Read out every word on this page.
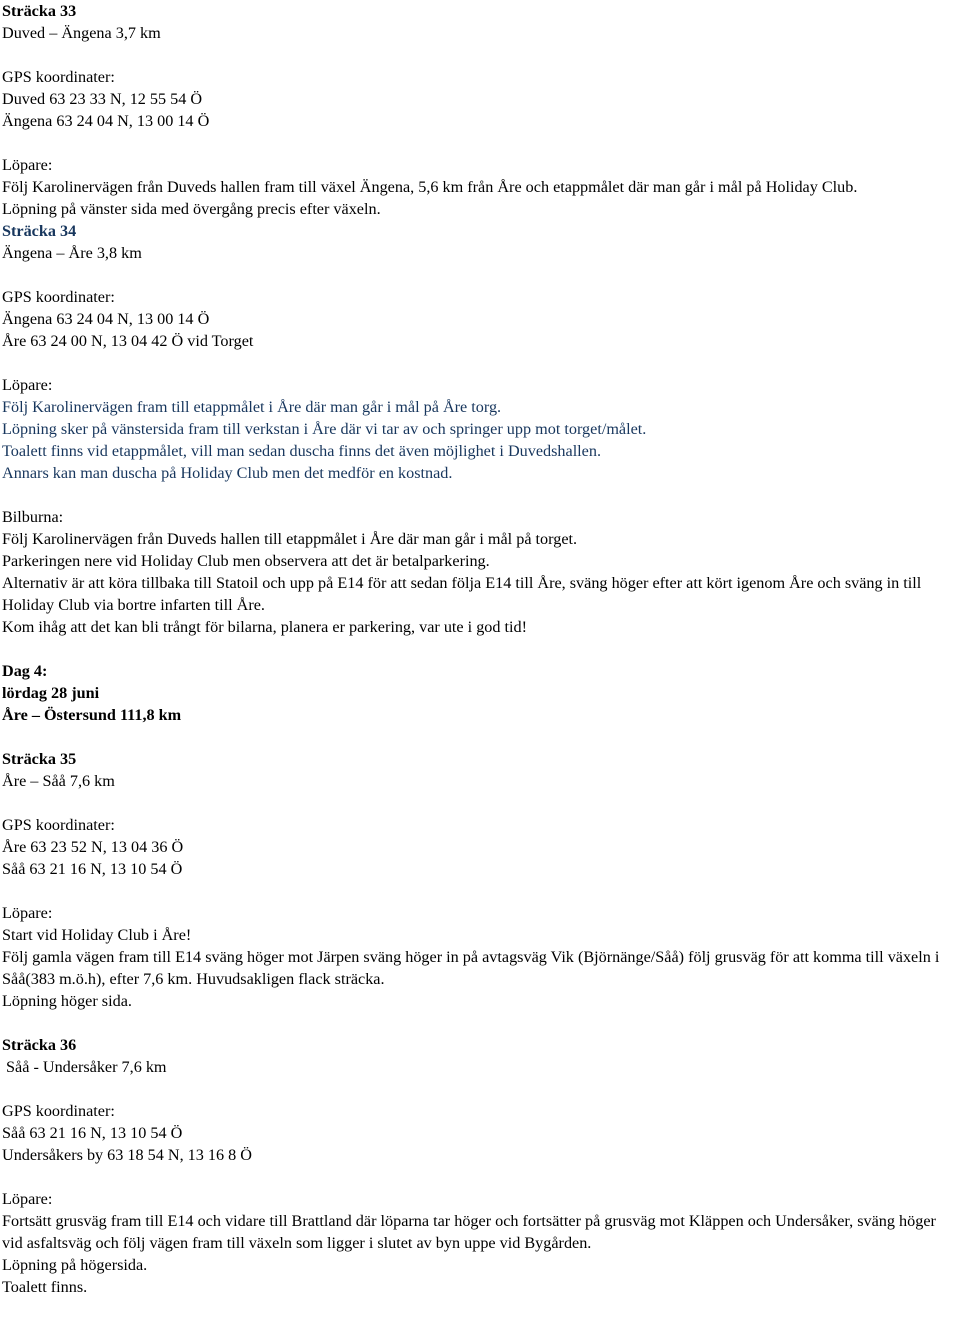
Sträcka 33
Duved – Ängena 3,7 km
GPS koordinater:
Duved 63 23 33 N, 12 55 54 Ö
Ängena 63 24 04 N, 13 00 14 Ö
Löpare:
Följ Karolinervägen från Duveds hallen fram till växel Ängena, 5,6 km från Åre och etappmålet där man går i mål på Holiday Club.
Löpning på vänster sida med övergång precis efter växeln.
Sträcka 34
Ängena – Åre 3,8 km
GPS koordinater:
Ängena 63 24 04 N, 13 00 14 Ö
Åre 63 24 00 N, 13 04 42 Ö vid Torget
Löpare:
Följ Karolinervägen fram till etappmålet i Åre där man går i mål på Åre torg.
Löpning sker på vänstersida fram till verkstan i Åre där vi tar av och springer upp mot torget/målet.
Toalett finns vid etappmålet, vill man sedan duscha finns det även möjlighet i Duvedshallen.
Annars kan man duscha på Holiday Club men det medför en kostnad.
Bilburna:
Följ Karolinervägen från Duveds hallen till etappmålet i Åre där man går i mål på torget.
Parkeringen nere vid Holiday Club men observera att det är betalparkering.
Alternativ är att köra tillbaka till Statoil och upp på E14 för att sedan följa E14 till Åre, sväng höger efter att kört igenom Åre och sväng in till Holiday Club via bortre infarten till Åre.
Kom ihåg att det kan bli trångt för bilarna, planera er parkering, var ute i god tid!
Dag 4:
lördag 28 juni
Åre – Östersund 111,8 km
Sträcka 35
Åre – Såå 7,6 km
GPS koordinater:
Åre 63 23 52 N, 13 04 36 Ö
Såå 63 21 16 N, 13 10 54 Ö
Löpare:
Start vid Holiday Club i Åre!
Följ gamla vägen fram till E14 sväng höger mot Järpen sväng höger in på avtagsväg Vik (Björnänge/Såå) följ grusväg för att komma till växeln i Såå(383 m.ö.h), efter 7,6 km. Huvudsakligen flack sträcka.
Löpning höger sida.
Sträcka 36
Såå - Undersåker 7,6 km
GPS koordinater:
Såå 63 21 16 N, 13 10 54 Ö
Undersåkers by 63 18 54 N, 13 16 8 Ö
Löpare:
Fortsätt grusväg fram till E14 och vidare till Brattland där löparna tar höger och fortsätter på grusväg mot Kläppen och Undersåker, sväng höger vid asfaltsväg och följ vägen fram till växeln som ligger i slutet av byn uppe vid Bygården.
Löpning på högersida.
Toalett finns.
